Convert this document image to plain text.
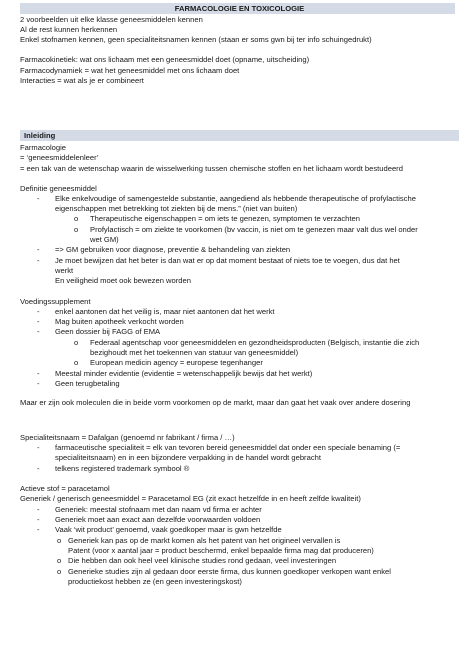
FARMACOLOGIE EN TOXICOLOGIE
2 voorbeelden uit elke klasse geneesmiddelen kennen
Al de rest kunnen herkennen
Enkel stofnamen kennen, geen specialiteitsnamen kennen (staan er soms gwn bij ter info schuingedrukt)
Farmacokinetiek: wat ons lichaam met een geneesmiddel doet (opname, uitscheiding)
Farmacodynamiek = wat het geneesmiddel met ons lichaam doet
Interacties = wat als je er combineert
Inleiding
Farmacologie
= ‘geneesmiddelenleer’
= een tak van de wetenschap waarin de wisselwerking tussen chemische stoffen en het lichaam wordt bestudeerd
Definitie geneesmiddel
- Elke enkelvoudige of samengestelde substantie, aangediend als hebbende therapeutische of profylactische
eigenschappen met betrekking tot ziekten bij de mens.” (niet van buiten)
o Therapeutische eigenschappen = om iets te genezen, symptomen te verzachten
o Profylactisch = om ziekte te voorkomen (bv vaccin, is niet om te genezen maar valt dus wel onder
wet GM)
- => GM gebruiken voor diagnose, preventie & behandeling van ziekten
- Je moet bewijzen dat het beter is dan wat er op dat moment bestaat of niets toe te voegen, dus dat het
werkt
En veiligheid moet ook bewezen worden
Voedingssupplement
- enkel aantonen dat het veilig is, maar niet aantonen dat het werkt
- Mag buiten apotheek verkocht worden
- Geen dossier bij FAGG of EMA
o Federaal agentschap voor geneesmiddelen en gezondheidsproducten (Belgisch, instantie die zich
bezighoudt met het toekennen van statuur van geneesmiddel)
o European medicin agency = europese tegenhanger
- Meestal minder evidentie (evidentie = wetenschappelijk bewijs dat het werkt)
- Geen terugbetaling
Maar er zijn ook moleculen die in beide vorm voorkomen op de markt, maar dan gaat het vaak over andere dosering
Specialiteitsnaam = Dafalgan (genoemd nr fabrikant / firma / …)
- farmaceutische specialiteit = elk van tevoren bereid geneesmiddel dat onder een speciale benaming (=
specialiteitsnaam) en in een bijzondere verpakking in de handel wordt gebracht
- telkens registered trademark symbool ®
Actieve stof = paracetamol
Generiek / generisch geneesmiddel = Paracetamol EG (zit exact hetzelfde in en heeft zelfde kwaliteit)
- Generiek: meestal stofnaam met dan naam vd firma er achter
- Generiek moet aan exact aan dezelfde voorwaarden voldoen
- Vaak ‘wit product’ genoemd, vaak goedkoper maar is gwn hetzelfde
o Generiek kan pas op de markt komen als het patent van het origineel vervallen is
Patent (voor x aantal jaar = product beschermd, enkel bepaalde firma mag dat produceren)
o Die hebben dan ook heel veel klinische studies rond gedaan, veel investeringen
o Generieke studies zijn al gedaan door eerste firma, dus kunnen goedkoper verkopen want enkel
productiekost hebben ze (en geen investeringskost)
